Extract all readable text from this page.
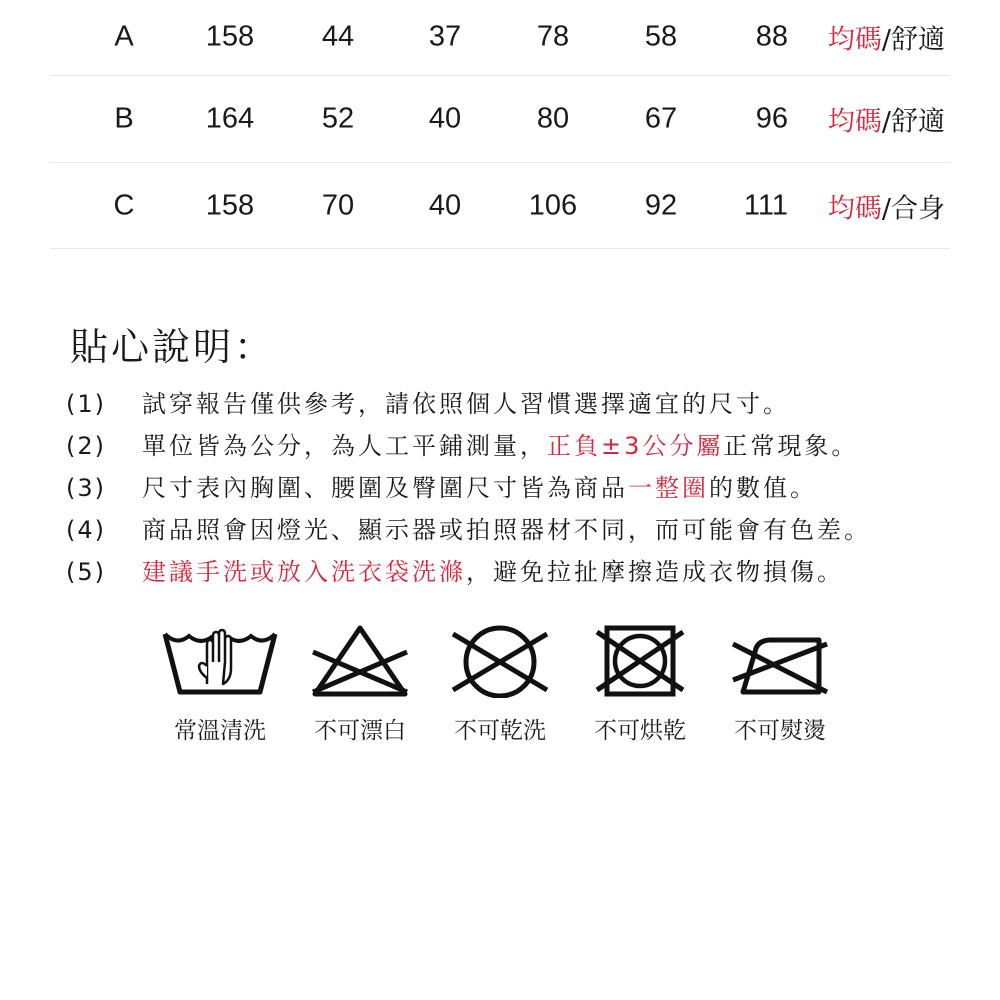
A 158 44	37	78	58	88 均碼/舒適
B 164 52	40	80	67	96 均碼/舒適
C 158 70	40 106 92 111 均碼/合身
貼心說明：
(1) 試穿報告僅供參考，請依照個人習慣選擇適宜的尺寸。
(2) 單位皆為公分，為人工平鋪測量，正負±3公分屬正常現象。
(3) 尺寸表內胸圍、腰圍及臀圍尺寸皆為商品一整圈的數值。
(4) 商品照會因燈光、顯示器或拍照器材不同，而可能會有色差。
(5) 建議手洗或放入洗衣袋洗滌，避免拉扯摩擦造成衣物損傷。
常溫清洗	不可漂白	不可乾洗	不可烘乾	不可熨燙
